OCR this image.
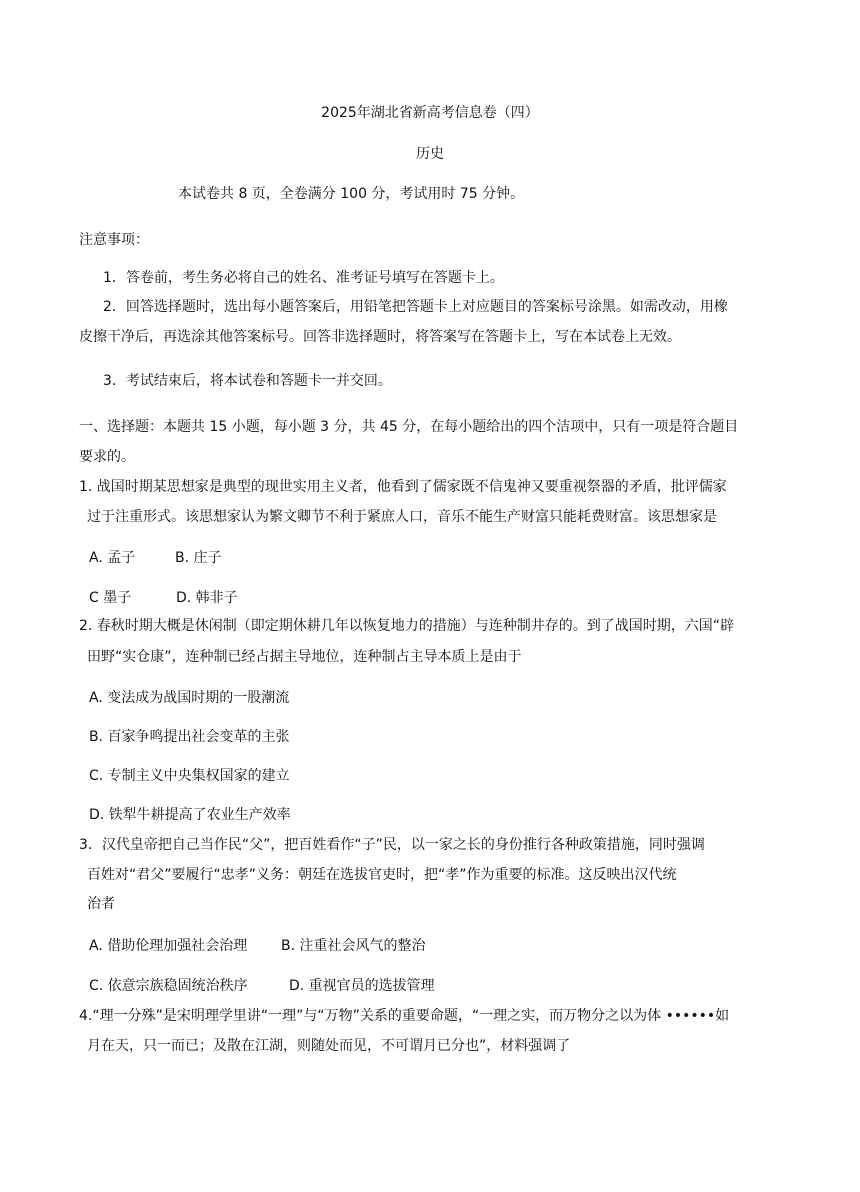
2025年湖北省新高考信息卷（四）
历史
本试卷共 8 页，全卷满分 100 分，考试用时 75 分钟。
注意事项：
1．答卷前，考生务必将自己的姓名、准考证号填写在答题卡上。
2．回答选择题时，选出每小题答案后，用铅笔把答题卡上对应题目的答案标号涂黑。如需改动，用橡
皮擦干净后，再选涂其他答案标号。回答非选择题时，将答案写在答题卡上，写在本试卷上无效。
3．考试结束后，将本试卷和答题卡一并交回。
一、选择题：本题共 15 小题，每小题 3 分，共 45 分，在每小题给出的四个洁项中，只有一项是符合题目
要求的。
1. 战国时期某思想家是典型的现世实用主义者，他看到了儒家既不信鬼神又要重视祭器的矛盾，批评儒家
过于注重形式。该思想家认为繁文卿节不利于紧庶人口，音乐不能生产财富只能耗费财富。该思想家是
A. 孟子	B. 庄子
C 墨子	D. 韩非子
2. 春秋时期大概是休闲制（即定期休耕几年以恢复地力的措施）与连种制井存的。到了战国时期，六国“辟
田野“实仓康”，连种制已经占据主导地位，连种制占主导本质上是由于
A. 变法成为战国时期的一股潮流
B. 百家争鸣提出社会变革的主张
C. 专制主义中央集权国家的建立
D. 铁犁牛耕提高了农业生产效率
3．汉代皇帝把自己当作民“父”，把百姓看作“子”民，以一家之长的身份推行各种政策措施，同时强调
百姓对“君父”要履行“忠孝”义务：朝廷在选拔官吏时，把“孝”作为重要的标准。这反映出汉代统
治者
A. 借助伦理加强社会治理 B. 注重社会风气的整治
C. 依意宗族稳固统治秩序	D. 重视官员的选拔管理
4.“理一分殊”是宋明理学里讲“一理”与“万物”关系的重要命题，“一理之实，而万物分之以为体 ••••••如
月在天，只一而已；及散在江湖，则随处而见，不可谓月已分也”，材料强调了
